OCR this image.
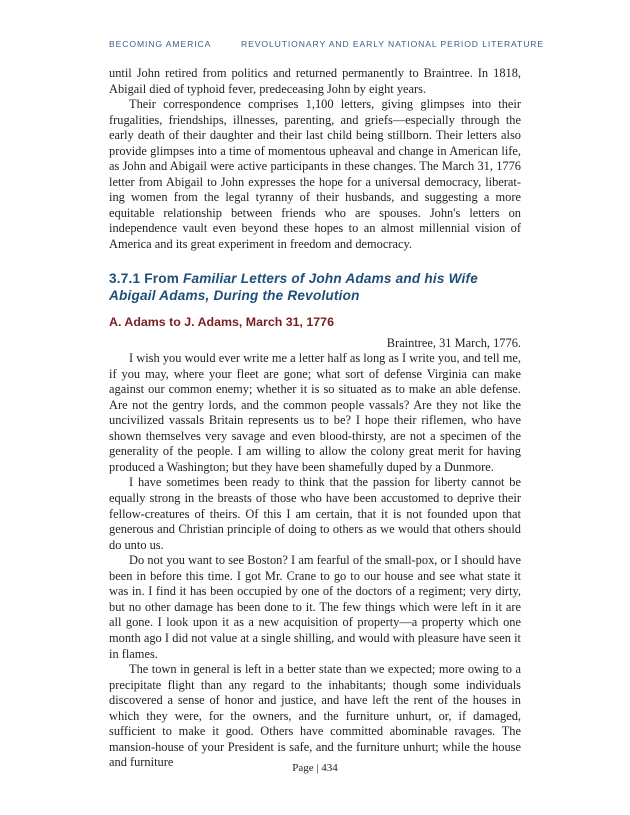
BECOMING AMERICA	REVOLUTIONARY AND EARLY NATIONAL PERIOD LITERATURE

until John retired from politics and returned permanently to Braintree. In 1818, Abigail died of typhoid fever, predeceasing John by eight years.

Their correspondence comprises 1,100 letters, giving glimpses into their frugalities, friendships, illnesses, parenting, and griefs—especially through the early death of their daughter and their last child being stillborn. Their letters also provide glimpses into a time of momentous upheaval and change in American life, as John and Abigail were active participants in these changes. The March 31, 1776 letter from Abigail to John expresses the hope for a universal democracy, liberating women from the legal tyranny of their husbands, and suggesting a more equitable relationship between friends who are spouses. John's letters on independence vault even beyond these hopes to an almost millennial vision of America and its great experiment in freedom and democracy.

3.7.1 From Familiar Letters of John Adams and his Wife Abigail Adams, During the Revolution
A. Adams to J. Adams, March 31, 1776

Braintree, 31 March, 1776.

I wish you would ever write me a letter half as long as I write you, and tell me, if you may, where your fleet are gone; what sort of defense Virginia can make against our common enemy; whether it is so situated as to make an able defense. Are not the gentry lords, and the common people vassals? Are they not like the uncivilized vassals Britain represents us to be? I hope their riflemen, who have shown themselves very savage and even blood-thirsty, are not a specimen of the generality of the people. I am willing to allow the colony great merit for having produced a Washington; but they have been shamefully duped by a Dunmore.

I have sometimes been ready to think that the passion for liberty cannot be equally strong in the breasts of those who have been accustomed to deprive their fellow-creatures of theirs. Of this I am certain, that it is not founded upon that generous and Christian principle of doing to others as we would that others should do unto us.

Do not you want to see Boston? I am fearful of the small-pox, or I should have been in before this time. I got Mr. Crane to go to our house and see what state it was in. I find it has been occupied by one of the doctors of a regiment; very dirty, but no other damage has been done to it. The few things which were left in it are all gone. I look upon it as a new acquisition of property—a property which one month ago I did not value at a single shilling, and would with pleasure have seen it in flames.

The town in general is left in a better state than we expected; more owing to a precipitate flight than any regard to the inhabitants; though some individuals discovered a sense of honor and justice, and have left the rent of the houses in which they were, for the owners, and the furniture unhurt, or, if damaged, sufficient to make it good. Others have committed abominable ravages. The mansion-house of your President is safe, and the furniture unhurt; while the house and furniture	Page | 434
